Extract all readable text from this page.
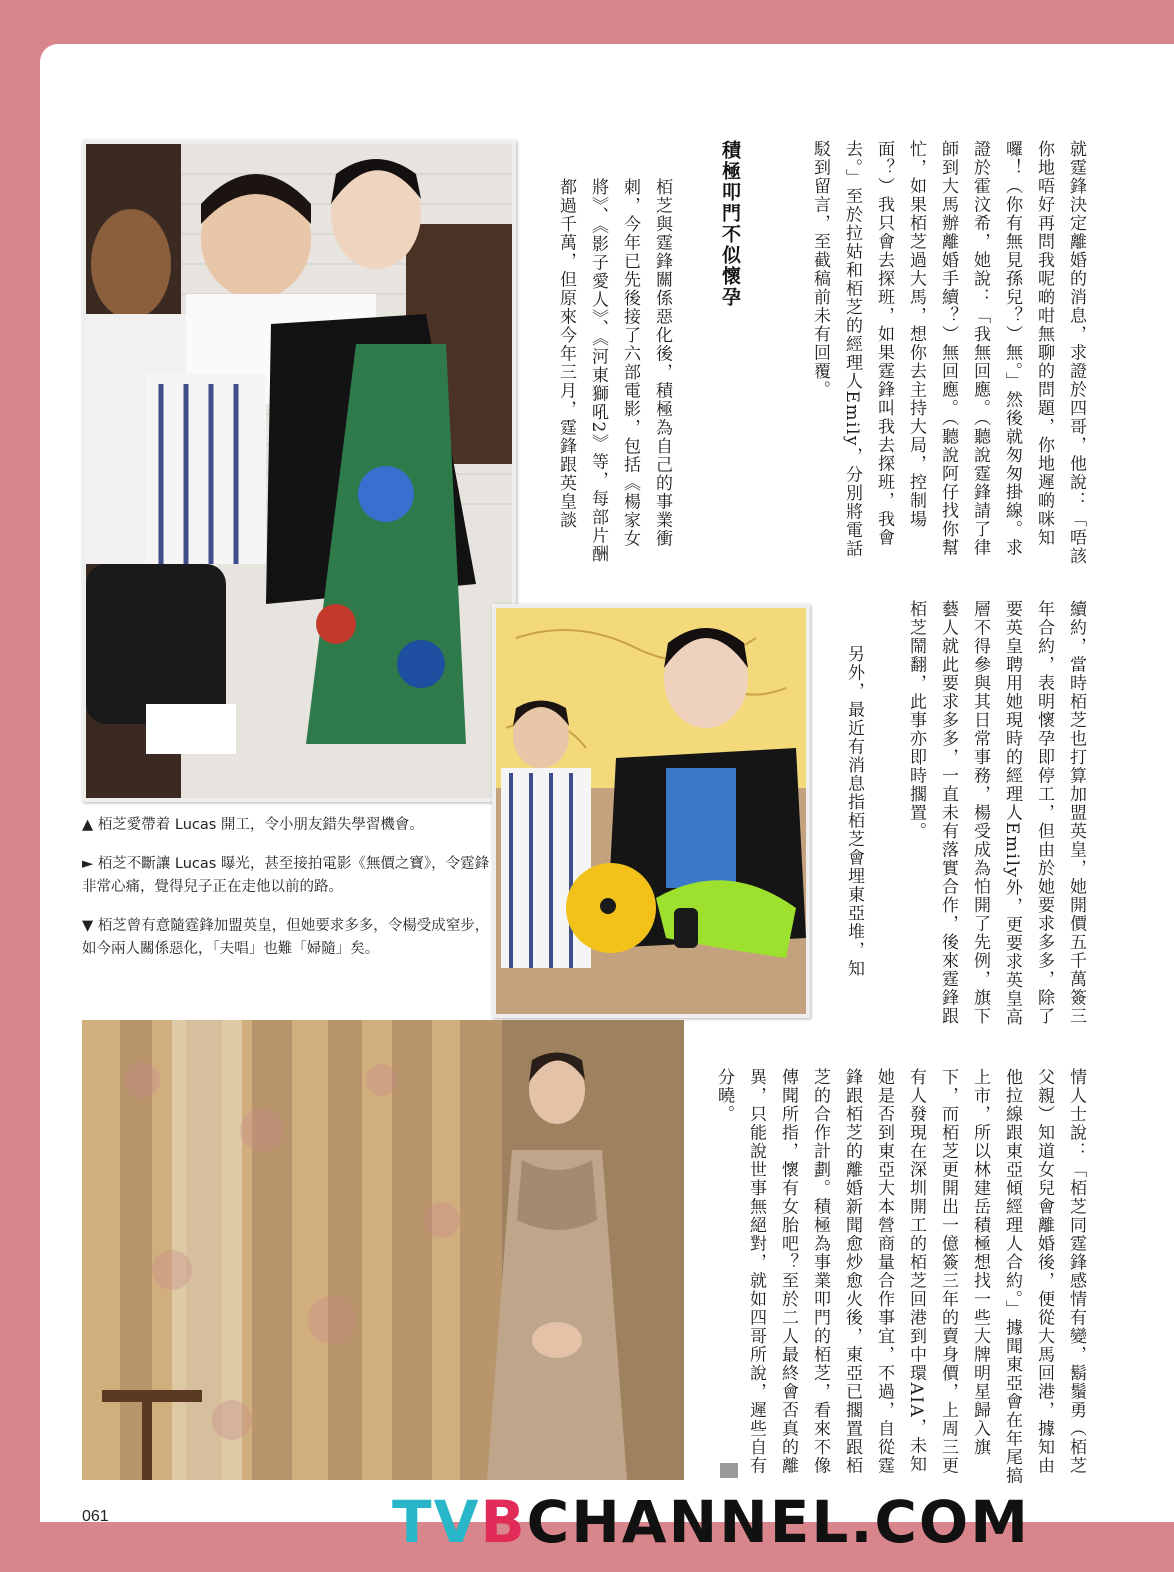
就霆鋒決定離婚的消息，求證於四哥，他說：「唔該你地唔好再問我呢啲咁無聊的問題，你地遲啲咪知囉！（你有無見孫兒？）無。」然後就匆匆掛線。求證於霍汶希，她說：「我無回應。（聽說霆鋒請了律師到大馬辦離婚手續？）無回應。（聽說阿仔找你幫忙，如果栢芝過大馬，想你去主持大局，控制場面？）我只會去探班，如果霆鋒叫我去探班，我會去。」至於拉姑和栢芝的經理人Emily，分別將電話駁到留言，至截稿前未有回覆。
積極叩門不似懷孕
栢芝與霆鋒關係惡化後，積極為自己的事業衝刺，今年已先後接了六部電影，包括《楊家女將》、《影子愛人》、《河東獅吼2》等，每部片酬都過千萬，但原來今年三月，霆鋒跟英皇談
續約，當時栢芝也打算加盟英皇，她開價五千萬簽三年合約，表明懷孕即停工，但由於她要求多多，除了要英皇聘用她現時的經理人Emily外，更要求英皇高層不得參與其日常事務，楊受成為怕開了先例，旗下藝人就此要求多多，一直未有落實合作，後來霆鋒跟栢芝鬧翻，此事亦即時擱置。
另外，最近有消息指栢芝會埋東亞堆，知
情人士說：「栢芝同霆鋒感情有變，鬍鬚勇（栢芝父親）知道女兒會離婚後，便從大馬回港，據知由他拉線跟東亞傾經理人合約。」據聞東亞會在年尾搞上市，所以林建岳積極想找一些大牌明星歸入旗下，而栢芝更開出一億簽三年的賣身價，上周三更有人發現在深圳開工的栢芝回港到中環AIA，未知她是否到東亞大本營商量合作事宜，不過，自從霆鋒跟栢芝的離婚新聞愈炒愈火後，東亞已擱置跟栢芝的合作計劃。積極為事業叩門的栢芝，看來不像傳聞所指，懷有女胎吧？至於二人最終會否真的離異，只能說世事無絕對，就如四哥所說，遲些自有分曉。

▲ 栢芝愛帶着 Lucas 開工，令小朋友錯失學習機會。

► 栢芝不斷讓 Lucas 曝光，甚至接拍電影《無價之寶》，令霆鋒非常心痛，覺得兒子正在走他以前的路。

▼ 栢芝曾有意隨霆鋒加盟英皇，但她要求多多，令楊受成窒步，如今兩人關係惡化，「夫唱」也難「婦隨」矣。

061	TVBCHANNEL.COM
